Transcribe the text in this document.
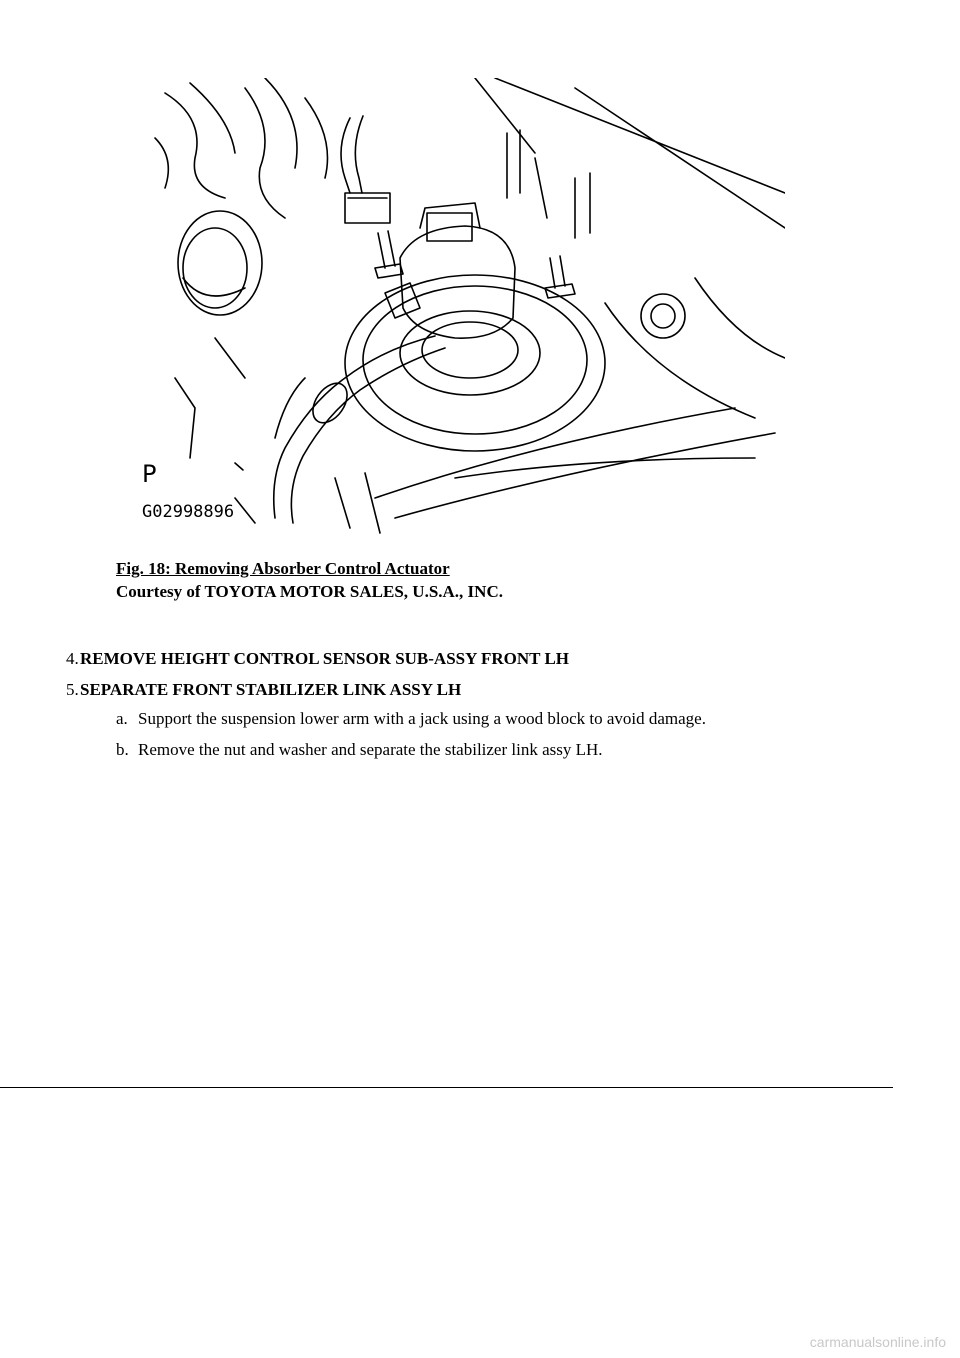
P
G02998896
Fig. 18: Removing Absorber Control Actuator
Courtesy of TOYOTA MOTOR SALES, U.S.A., INC.
4.REMOVE HEIGHT CONTROL SENSOR SUB-ASSY FRONT LH
5.SEPARATE FRONT STABILIZER LINK ASSY LH
a. Support the suspension lower arm with a jack using a wood block to avoid damage.
b. Remove the nut and washer and separate the stabilizer link assy LH.
carmanualsonline.info
